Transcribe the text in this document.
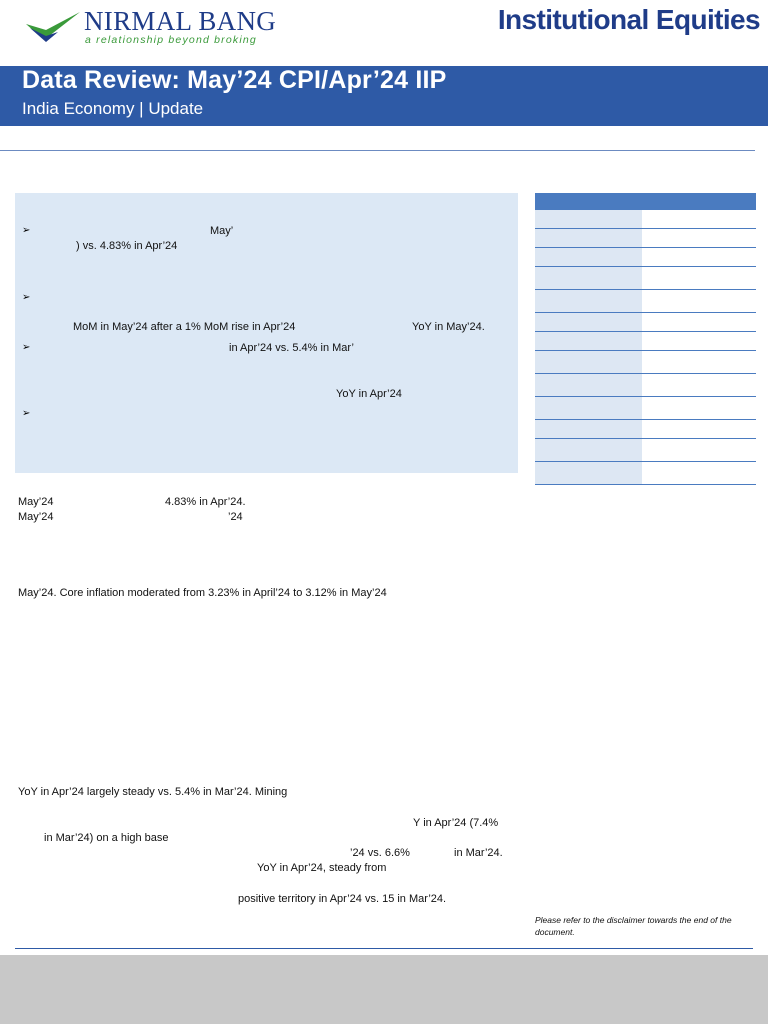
NIRMAL BANG
a relationship beyond broking
Institutional Equities
Data Review: May’24 CPI/Apr’24 IIP
India Economy | Update
➢
➢
➢
➢
May’
) vs. 4.83% in Apr’24
MoM in May’24 after a 1% MoM rise in Apr’24	YoY in May’24.
in Apr’24 vs. 5.4% in Mar’
YoY in Apr’24
May’24	4.83% in Apr’24.
May’24	’24
May’24. Core inflation moderated from 3.23% in April’24 to 3.12% in May’24
YoY in Apr’24 largely steady vs. 5.4% in Mar’24. Mining
Y in Apr’24 (7.4%
in Mar’24) on a high base
’24 vs. 6.6%	in Mar’24.
YoY in Apr’24, steady from
positive territory in Apr’24 vs. 15 in Mar’24.
Please refer to the disclaimer towards the end of the document.
